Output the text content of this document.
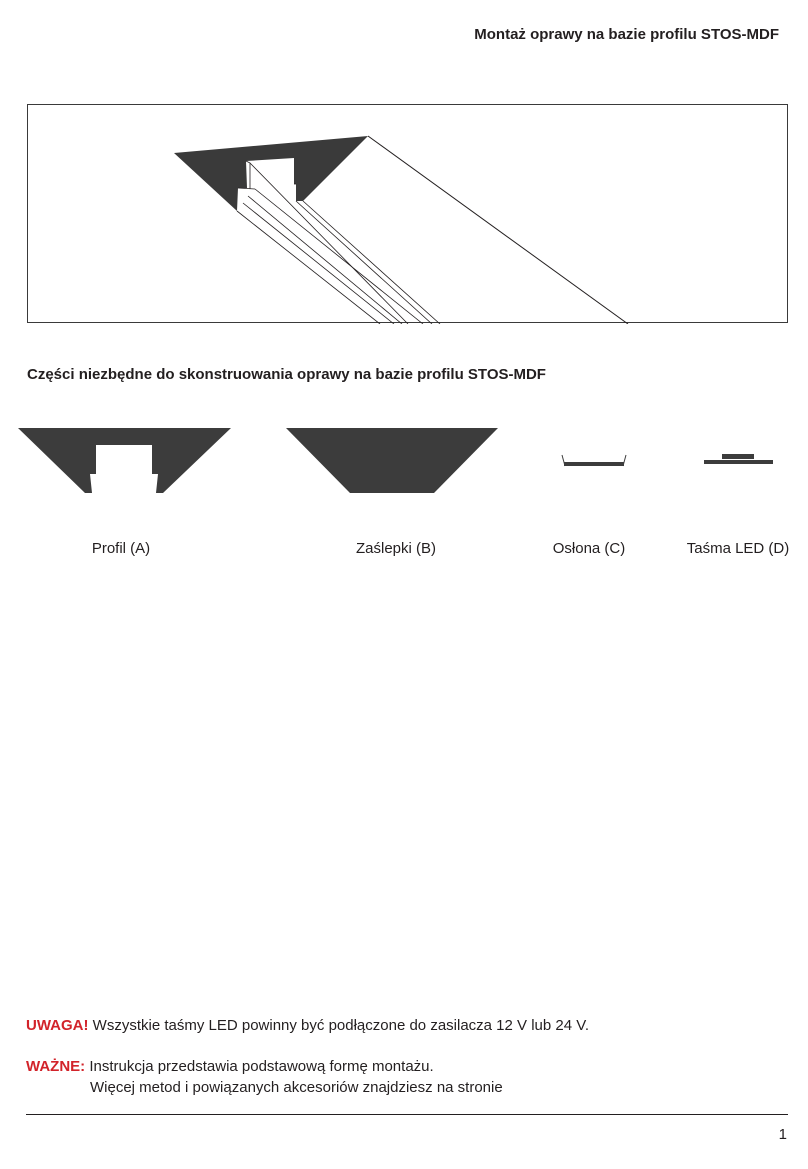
Montaż oprawy na bazie profilu STOS-MDF
Części niezbędne do skonstruowania oprawy na bazie profilu STOS-MDF
Profil (A)	Zaślepki (B)	Osłona (C)	Taśma LED (D)
UWAGA! Wszystkie taśmy LED powinny być podłączone do zasilacza 12 V lub 24 V.
WAŻNE: Instrukcja przedstawia podstawową formę montażu.
Więcej metod i powiązanych akcesoriów znajdziesz na stronie
1
